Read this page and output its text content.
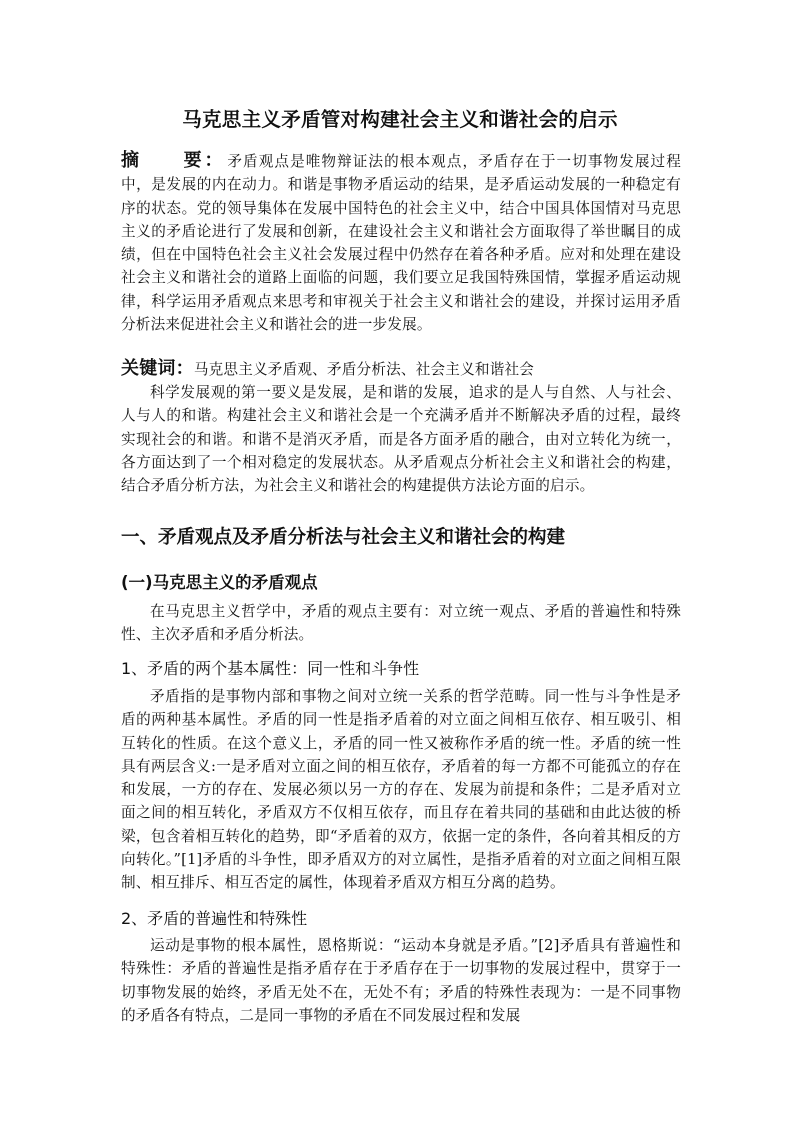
马克思主义矛盾管对构建社会主义和谐社会的启示

摘　　要： 矛盾观点是唯物辩证法的根本观点，矛盾存在于一切事物发展过程中，是发展的内在动力。和谐是事物矛盾运动的结果，是矛盾运动发展的一种稳定有序的状态。党的领导集体在发展中国特色的社会主义中，结合中国具体国情对马克思主义的矛盾论进行了发展和创新，在建设社会主义和谐社会方面取得了举世瞩目的成绩，但在中国特色社会主义社会发展过程中仍然存在着各种矛盾。应对和处理在建设社会主义和谐社会的道路上面临的问题，我们要立足我国特殊国情，掌握矛盾运动规律，科学运用矛盾观点来思考和审视关于社会主义和谐社会的建设，并探讨运用矛盾分析法来促进社会主义和谐社会的进一步发展。

关键词：马克思主义矛盾观、矛盾分析法、社会主义和谐社会

科学发展观的第一要义是发展，是和谐的发展，追求的是人与自然、人与社会、人与人的和谐。构建社会主义和谐社会是一个充满矛盾并不断解决矛盾的过程，最终实现社会的和谐。和谐不是消灭矛盾，而是各方面矛盾的融合，由对立转化为统一，各方面达到了一个相对稳定的发展状态。从矛盾观点分析社会主义和谐社会的构建，结合矛盾分析方法，为社会主义和谐社会的构建提供方法论方面的启示。

一、矛盾观点及矛盾分析法与社会主义和谐社会的构建
(一)马克思主义的矛盾观点

在马克思主义哲学中，矛盾的观点主要有：对立统一观点、矛盾的普遍性和特殊性、主次矛盾和矛盾分析法。

1、矛盾的两个基本属性：同一性和斗争性

矛盾指的是事物内部和事物之间对立统一关系的哲学范畴。同一性与斗争性是矛盾的两种基本属性。矛盾的同一性是指矛盾着的对立面之间相互依存、相互吸引、相互转化的性质。在这个意义上，矛盾的同一性又被称作矛盾的统一性。矛盾的统一性具有两层含义:一是矛盾对立面之间的相互依存，矛盾着的每一方都不可能孤立的存在和发展，一方的存在、发展必须以另一方的存在、发展为前提和条件；二是矛盾对立面之间的相互转化，矛盾双方不仅相互依存，而且存在着共同的基础和由此达彼的桥梁，包含着相互转化的趋势，即“矛盾着的双方，依据一定的条件，各向着其相反的方向转化。”[1]矛盾的斗争性，即矛盾双方的对立属性，是指矛盾着的对立面之间相互限制、相互排斥、相互否定的属性，体现着矛盾双方相互分离的趋势。

2、矛盾的普遍性和特殊性

运动是事物的根本属性，恩格斯说：“运动本身就是矛盾。”[2]矛盾具有普遍性和特殊性：矛盾的普遍性是指矛盾存在于矛盾存在于一切事物的发展过程中，贯穿于一切事物发展的始终，矛盾无处不在，无处不有；矛盾的特殊性表现为：一是不同事物的矛盾各有特点，二是同一事物的矛盾在不同发展过程和发展
